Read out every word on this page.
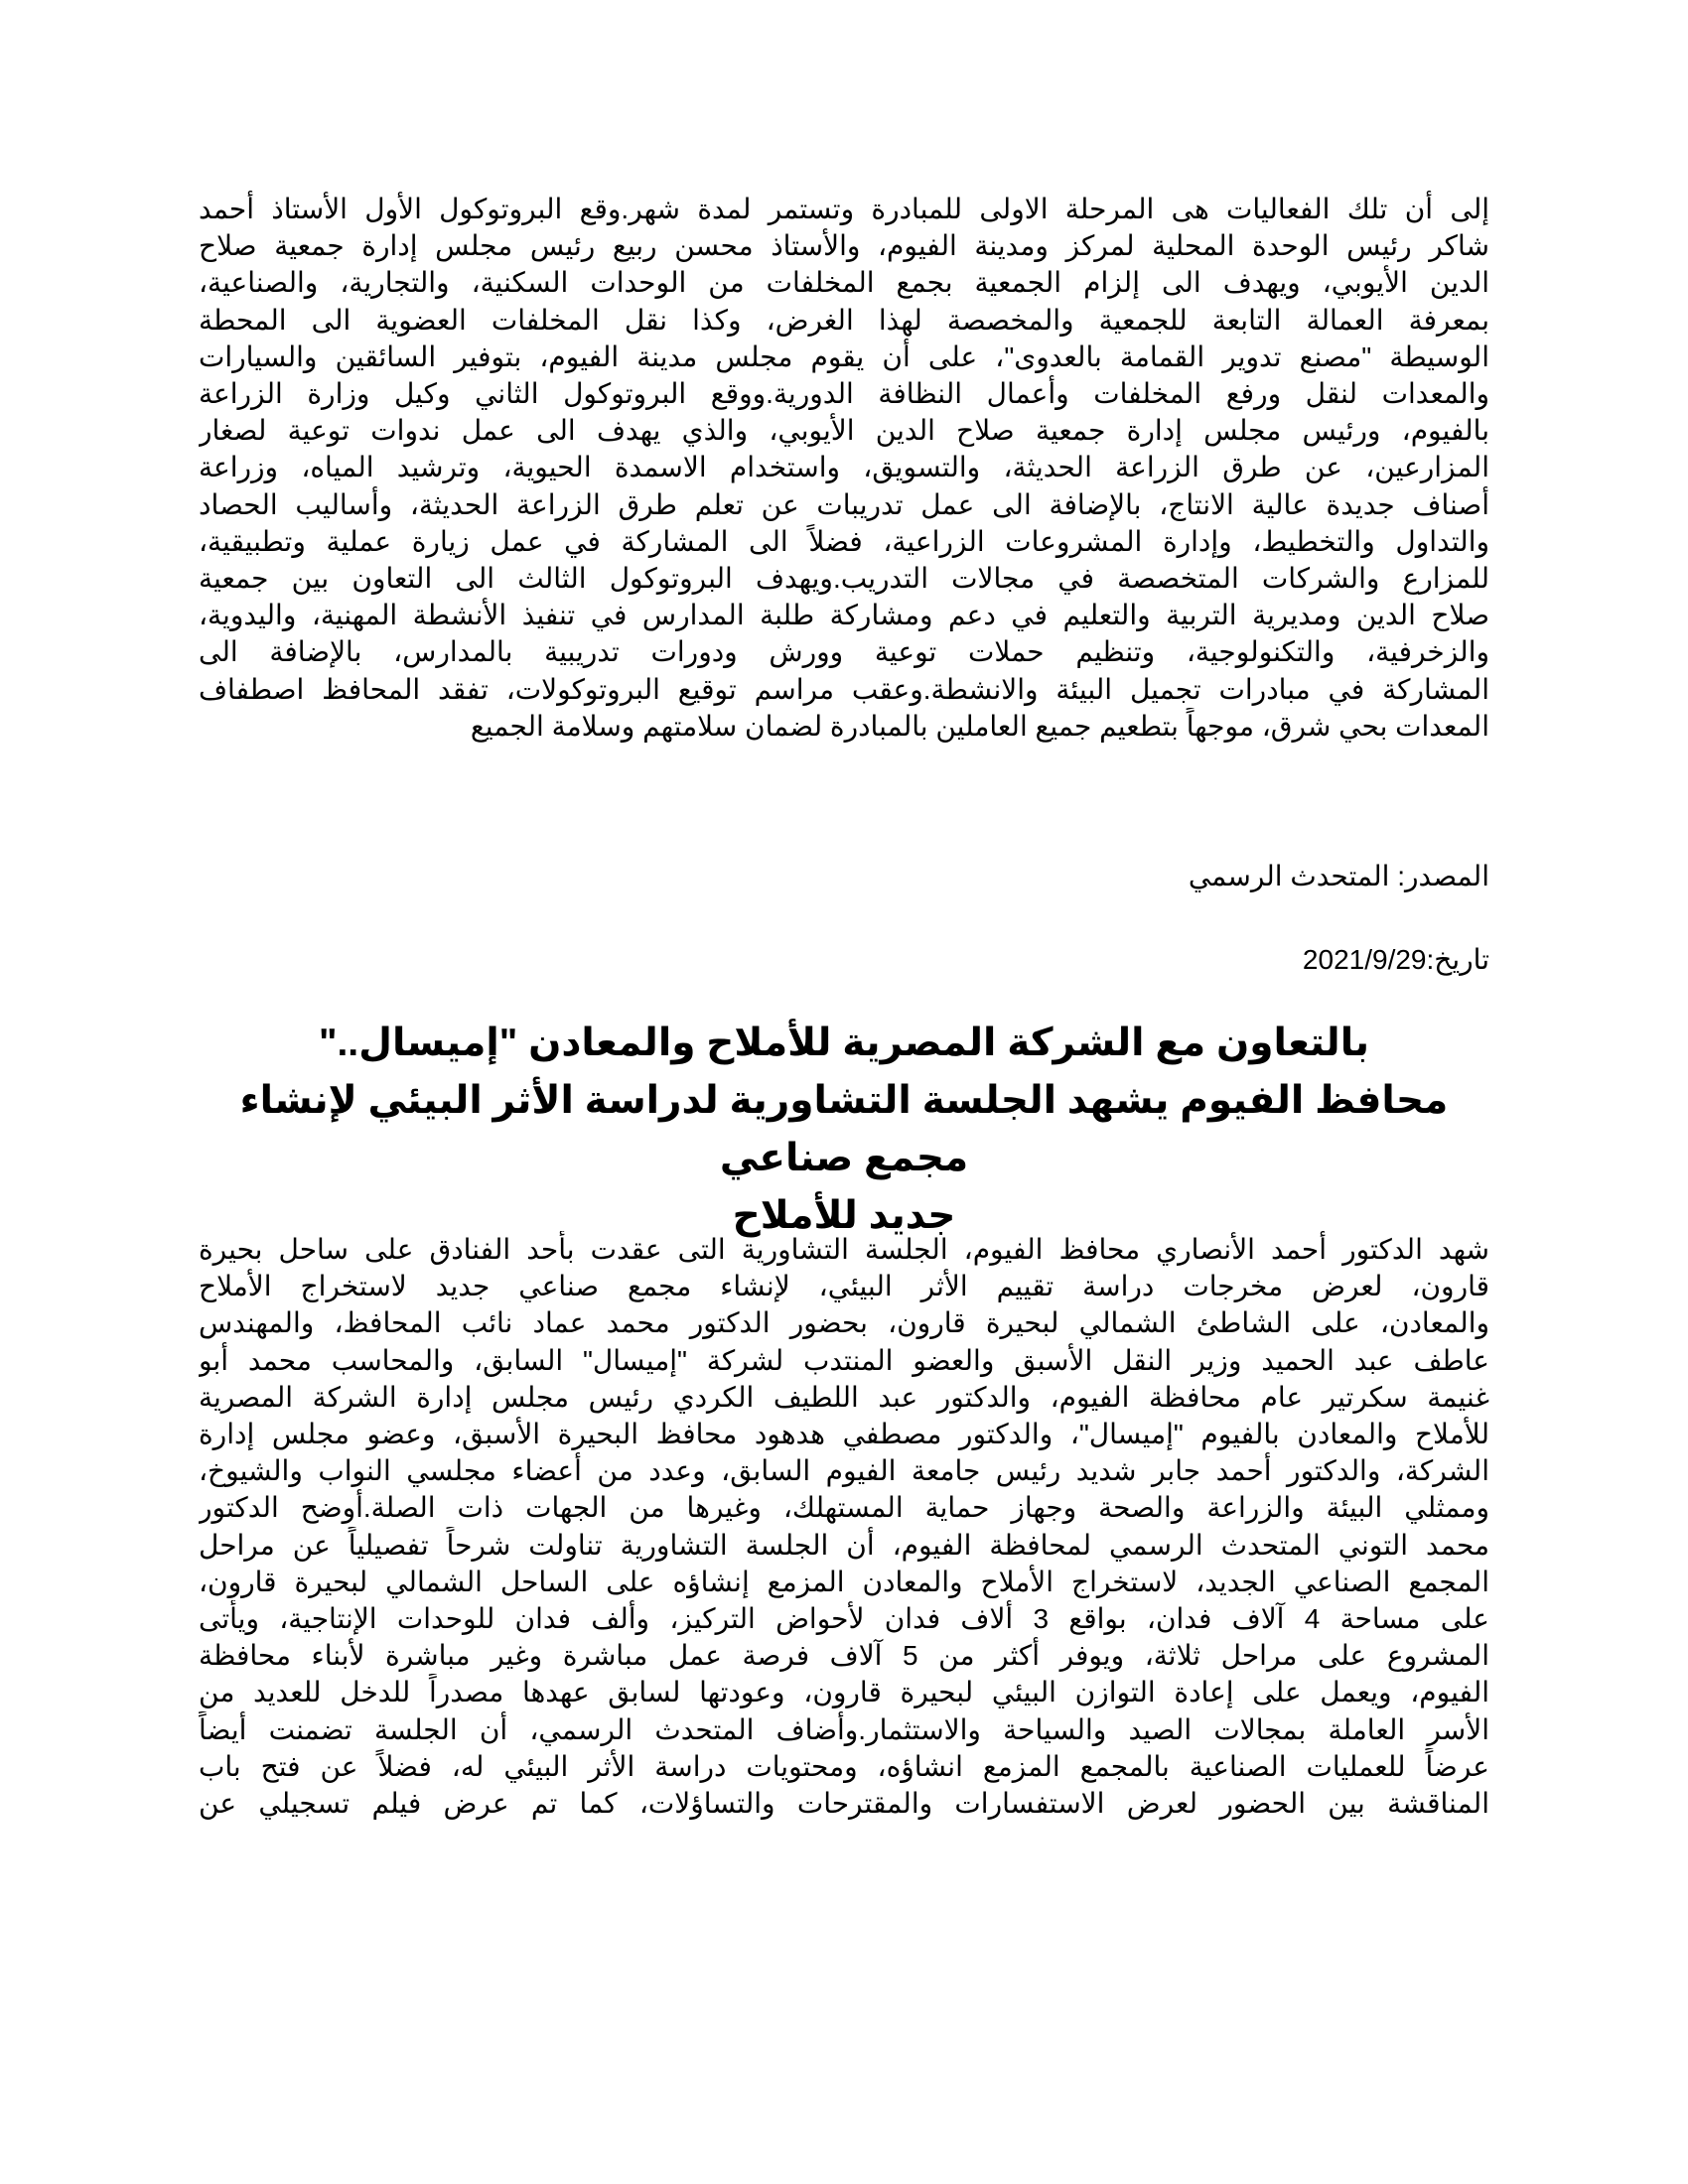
إلى أن تلك الفعاليات هى المرحلة الاولى للمبادرة وتستمر لمدة شهر.وقع البروتوكول الأول الأستاذ أحمد
شاكر رئيس الوحدة المحلية لمركز ومدينة الفيوم، والأستاذ محسن ربيع رئيس مجلس إدارة جمعية صلاح
الدين الأيوبي، ويهدف الى إلزام الجمعية بجمع المخلفات من الوحدات السكنية، والتجارية، والصناعية،
بمعرفة العمالة التابعة للجمعية والمخصصة لهذا الغرض، وكذا نقل المخلفات العضوية الى المحطة
الوسيطة "مصنع تدوير القمامة بالعدوى"، على أن يقوم مجلس مدينة الفيوم، بتوفير السائقين والسيارات
والمعدات لنقل ورفع المخلفات وأعمال النظافة الدورية.ووقع البروتوكول الثاني وكيل وزارة الزراعة
بالفيوم، ورئيس مجلس إدارة جمعية صلاح الدين الأيوبي، والذي يهدف الى عمل ندوات توعية لصغار
المزارعين، عن طرق الزراعة الحديثة، والتسويق، واستخدام الاسمدة الحيوية، وترشيد المياه، وزراعة
أصناف جديدة عالية الانتاج، بالإضافة الى عمل تدريبات عن تعلم طرق الزراعة الحديثة، وأساليب الحصاد
والتداول والتخطيط، وإدارة المشروعات الزراعية، فضلاً الى المشاركة في عمل زيارة عملية وتطبيقية،
للمزارع والشركات المتخصصة في مجالات التدريب.ويهدف البروتوكول الثالث الى التعاون بين جمعية
صلاح الدين ومديرية التربية والتعليم في دعم ومشاركة طلبة المدارس في تنفيذ الأنشطة المهنية، واليدوية،
والزخرفية، والتكنولوجية، وتنظيم حملات توعية وورش ودورات تدريبية بالمدارس، بالإضافة الى
المشاركة في مبادرات تجميل البيئة والانشطة.وعقب مراسم توقيع البروتوكولات، تفقد المحافظ اصطفاف
المعدات بحي شرق، موجهاً بتطعيم جميع العاملين بالمبادرة لضمان سلامتهم وسلامة الجميع
المصدر: المتحدث الرسمي
تاريخ:2021/9/29
بالتعاون مع الشركة المصرية للأملاح والمعادن "إميسال.."
محافظ الفيوم يشهد الجلسة التشاورية لدراسة الأثر البيئي لإنشاء مجمع صناعي
جديد للأملاح
شهد الدكتور أحمد الأنصاري محافظ الفيوم، الجلسة التشاورية التى عقدت بأحد الفنادق على ساحل بحيرة
قارون، لعرض مخرجات دراسة تقييم الأثر البيئي، لإنشاء مجمع صناعي جديد لاستخراج الأملاح
والمعادن، على الشاطئ الشمالي لبحيرة قارون، بحضور الدكتور محمد عماد نائب المحافظ، والمهندس
عاطف عبد الحميد وزير النقل الأسبق والعضو المنتدب لشركة "إميسال" السابق، والمحاسب محمد أبو
غنيمة سكرتير عام محافظة الفيوم، والدكتور عبد اللطيف الكردي رئيس مجلس إدارة الشركة المصرية
للأملاح والمعادن بالفيوم "إميسال"، والدكتور مصطفي هدهود محافظ البحيرة الأسبق، وعضو مجلس إدارة
الشركة، والدكتور أحمد جابر شديد رئيس جامعة الفيوم السابق، وعدد من أعضاء مجلسي النواب والشيوخ،
وممثلي البيئة والزراعة والصحة وجهاز حماية المستهلك، وغيرها من الجهات ذات الصلة.أوضح الدكتور
محمد التوني المتحدث الرسمي لمحافظة الفيوم، أن الجلسة التشاورية تناولت شرحاً تفصيلياً عن مراحل
المجمع الصناعي الجديد، لاستخراج الأملاح والمعادن المزمع إنشاؤه على الساحل الشمالي لبحيرة قارون،
على مساحة 4 آلاف فدان، بواقع 3 ألاف فدان لأحواض التركيز، وألف فدان للوحدات الإنتاجية، ويأتى
المشروع على مراحل ثلاثة، ويوفر أكثر من 5 آلاف فرصة عمل مباشرة وغير مباشرة لأبناء محافظة
الفيوم، ويعمل على إعادة التوازن البيئي لبحيرة قارون، وعودتها لسابق عهدها مصدراً للدخل للعديد من
الأسر العاملة بمجالات الصيد والسياحة والاستثمار.وأضاف المتحدث الرسمي، أن الجلسة تضمنت أيضاً
عرضاً للعمليات الصناعية بالمجمع المزمع انشاؤه، ومحتويات دراسة الأثر البيئي له، فضلاً عن فتح باب
المناقشة بين الحضور لعرض الاستفسارات والمقترحات والتساؤلات، كما تم عرض فيلم تسجيلي عن
